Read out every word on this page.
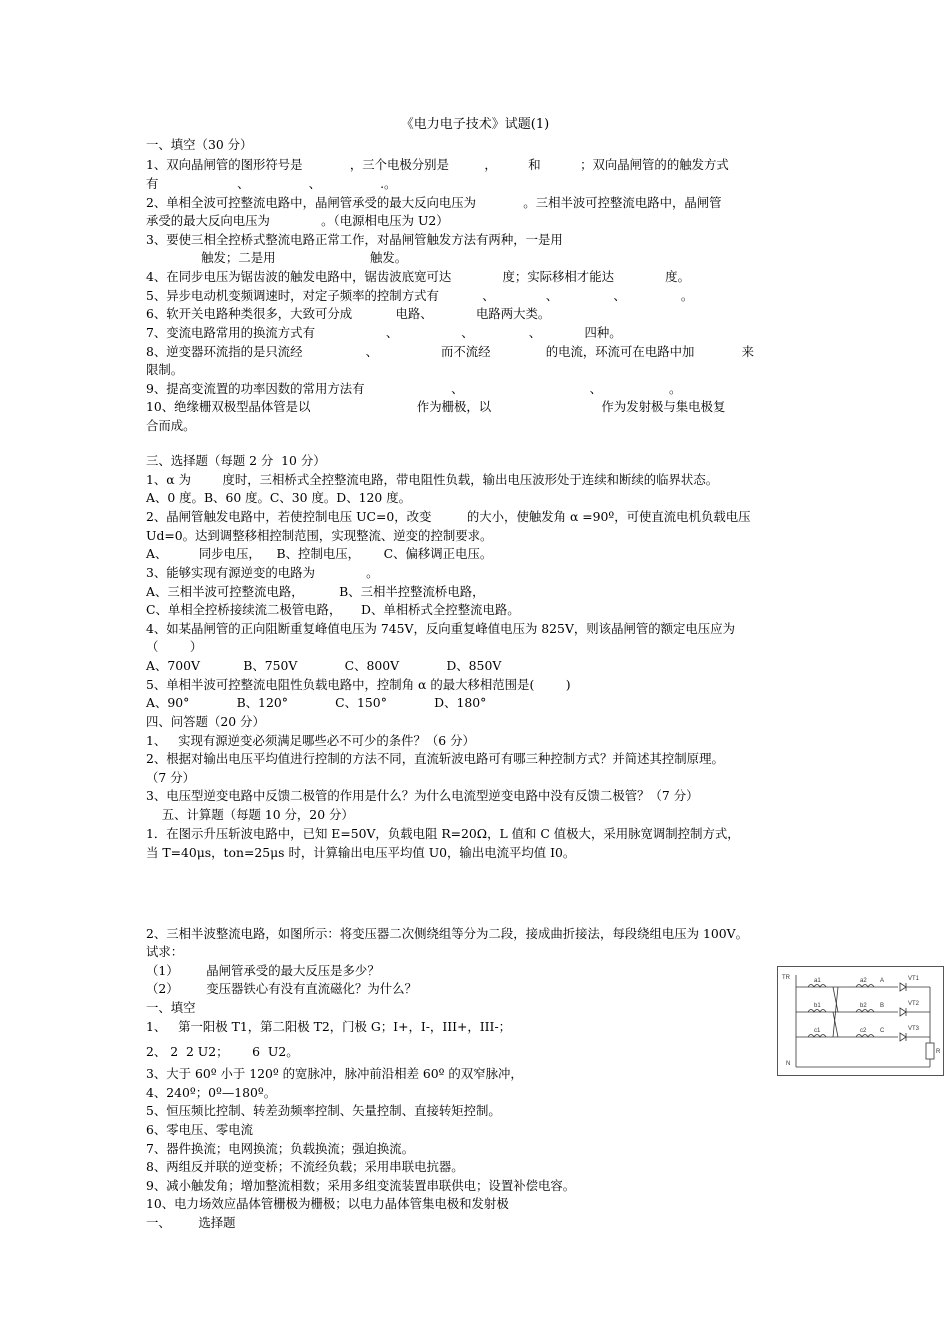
《电力电子技术》试题(1)
一、填空（30 分）
1、双向晶闸管的图形符号是            ，三个电极分别是         ，        和          ；双向晶闸管的的触发方式
有                    、               、               .。
2、单相全波可控整流电路中，晶闸管承受的最大反向电压为            。三相半波可控整流电路中，晶闸管
承受的最大反向电压为             。（电源相电压为 U2）
3、要使三相全控桥式整流电路正常工作，对晶闸管触发方法有两种，一是用
触发；二是用                        触发。
4、在同步电压为锯齿波的触发电路中，锯齿波底宽可达             度；实际移相才能达             度。
5、异步电动机变频调速时，对定子频率的控制方式有           、             、              、              。
6、软开关电路种类很多，大致可分成           电路、           电路两大类。
7、变流电路常用的换流方式有                  、                、              、           四种。
8、逆变器环流指的是只流经                、                而不流经              的电流，环流可在电路中加            来
限制。
9、提高变流置的功率因数的常用方法有                      、                                、                 。
10、绝缘栅双极型晶体管是以                           作为栅极，以                            作为发射极与集电极复
合而成。
三、选择题（每题 2 分  10 分）
1、α 为        度时，三相桥式全控整流电路，带电阻性负载，输出电压波形处于连续和断续的临界状态。
A、0 度。B、60 度。C、30 度。D、120 度。
2、晶闸管触发电路中，若使控制电压 UC=0，改变         的大小，使触发角 α =90º，可使直流电机负载电压
Ud=0。达到调整移相控制范围，实现整流、逆变的控制要求。
A、        同步电压，    B、控制电压，      C、偏移调正电压。
3、能够实现有源逆变的电路为             。
A、三相半波可控整流电路，         B、三相半控整流桥电路，
C、单相全控桥接续流二极管电路，     D、单相桥式全控整流电路。
4、如某晶闸管的正向阻断重复峰值电压为 745V，反向重复峰值电压为 825V，则该晶闸管的额定电压应为
（        ）
A、700V           B、750V            C、800V            D、850V
5、单相半波可控整流电阻性负载电路中，控制角 α 的最大移相范围是(        )
A、90°            B、120°            C、150°            D、180°
四、问答题（20 分）
1、   实现有源逆变必须满足哪些必不可少的条件？（6 分）
2、根据对输出电压平均值进行控制的方法不同，直流斩波电路可有哪三种控制方式？并简述其控制原理。
（7 分）
3、电压型逆变电路中反馈二极管的作用是什么？为什么电流型逆变电路中没有反馈二极管？（7 分）
五、计算题（每题 10 分，20 分）
1．在图示升压斩波电路中，已知 E=50V，负载电阻 R=20Ω，L 值和 C 值极大，采用脉宽调制控制方式，
当 T=40μs，ton=25μs 时，计算输出电压平均值 U0，输出电流平均值 I0。
2、三相半波整流电路，如图所示：将变压器二次侧绕组等分为二段，接成曲折接法，每段绕组电压为 100V。
试求：
（1）       晶闸管承受的最大反压是多少？
（2）       变压器铁心有没有直流磁化？为什么？
一、填空
1、   第一阳极 T1，第二阳极 T2，门极 G；I+，I-，III+，III-；
2、 2  2 U2；      6  U2。
3、大于 60º 小于 120º 的宽脉冲，脉冲前沿相差 60º 的双窄脉冲，
4、240º；0º—180º。
5、恒压频比控制、转差劲频率控制、矢量控制、直接转矩控制。
6、零电压、零电流
7、器件换流；电网换流；负载换流；强迫换流。
8、两组反并联的逆变桥；不流经负载；采用串联电抗器。
9、减小触发角；增加整流相数；采用多组变流装置串联供电；设置补偿电容。
10、电力场效应晶体管栅极为栅极；以电力晶体管集电极和发射极
一、       选择题
TR	a1	a2 A	VT1
b1	b2 B	VT2
c1	c2 C	VT3
N
R
